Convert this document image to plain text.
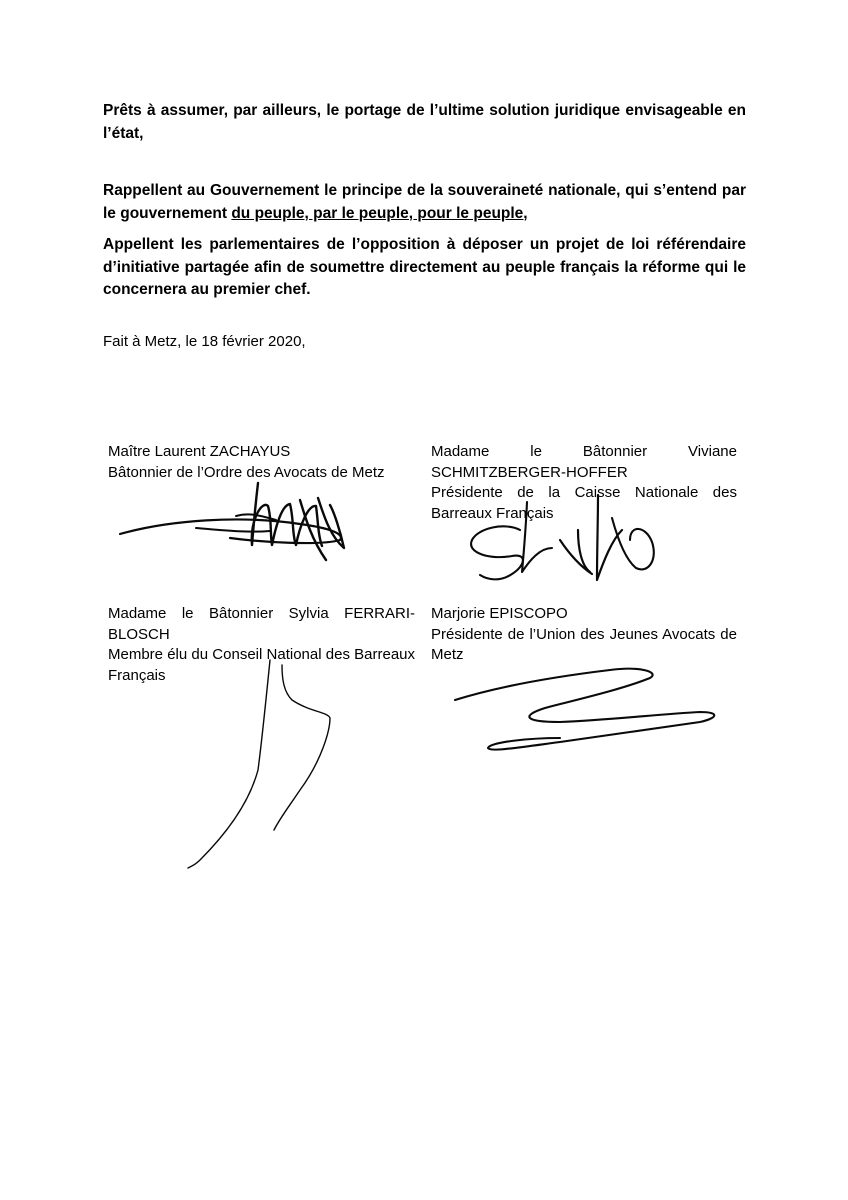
Prêts à assumer, par ailleurs, le portage de l’ultime solution juridique envisageable en l’état,

Rappellent au Gouvernement le principe de la souveraineté nationale, qui s’entend par le gouvernement du peuple, par le peuple, pour le peuple,

Appellent les parlementaires de l’opposition à déposer un projet de loi référendaire d’initiative partagée afin de soumettre directement au peuple français la réforme qui le concernera au premier chef.

Fait à Metz, le 18 février 2020,

Maître Laurent ZACHAYUS
Bâtonnier de l’Ordre des Avocats de Metz
Madame le Bâtonnier Viviane
SCHMITZBERGER-HOFFER
Présidente de la Caisse Nationale des Barreaux Français
Madame le Bâtonnier Sylvia FERRARI-
BLOSCH
Membre élu du Conseil National des Barreaux Français
Marjorie EPISCOPO
Présidente de l’Union des Jeunes Avocats de Metz
